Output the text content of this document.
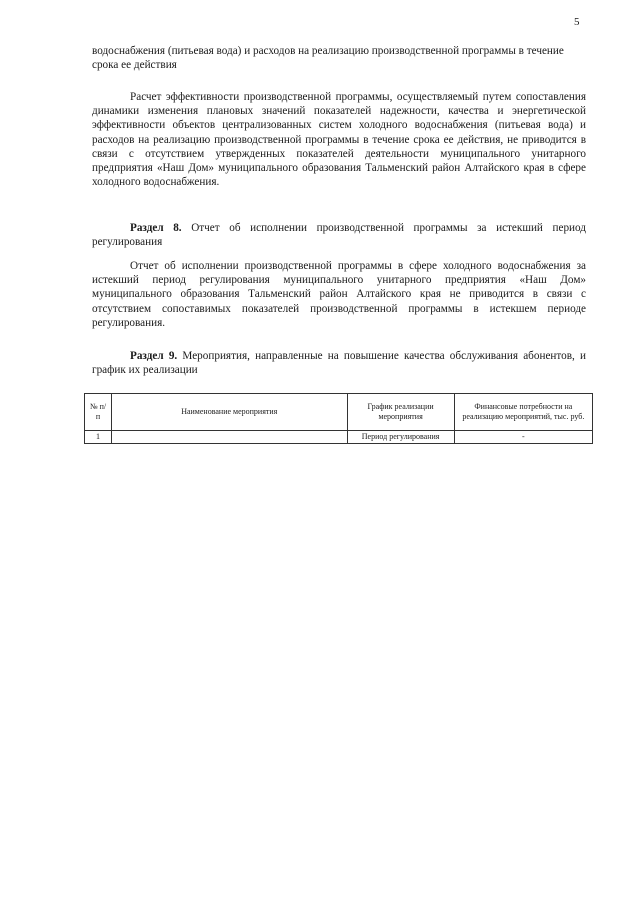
5

водоснабжения (питьевая вода) и расходов на реализацию производственной программы в течение срока ее действия

Расчет эффективности производственной программы, осуществляемый путем сопоставления динамики изменения плановых значений показателей надежности, качества и энергетической эффективности объектов централизованных систем холодного водоснабжения (питьевая вода) и расходов на реализацию производственной программы в течение срока ее действия, не приводится в связи с отсутствием утвержденных показателей деятельности муниципального унитарного предприятия «Наш Дом» муниципального образования Тальменский район Алтайского края в сфере холодного водоснабжения.

Раздел 8. Отчет об исполнении производственной программы за истекший период регулирования

Отчет об исполнении производственной программы в сфере холодного водоснабжения за истекший период регулирования муниципального унитарного предприятия «Наш Дом» муниципального образования Тальменский район Алтайского края не приводится в связи с отсутствием сопоставимых показателей производственной программы в истекшем периоде регулирования.

Раздел 9. Мероприятия, направленные на повышение качества обслуживания абонентов, и график их реализации

№ п/п	Наименование мероприятия	График реализации мероприятия	Финансовые потребности на реализацию мероприятий, тыс. руб.
1		Период регулирования	-
